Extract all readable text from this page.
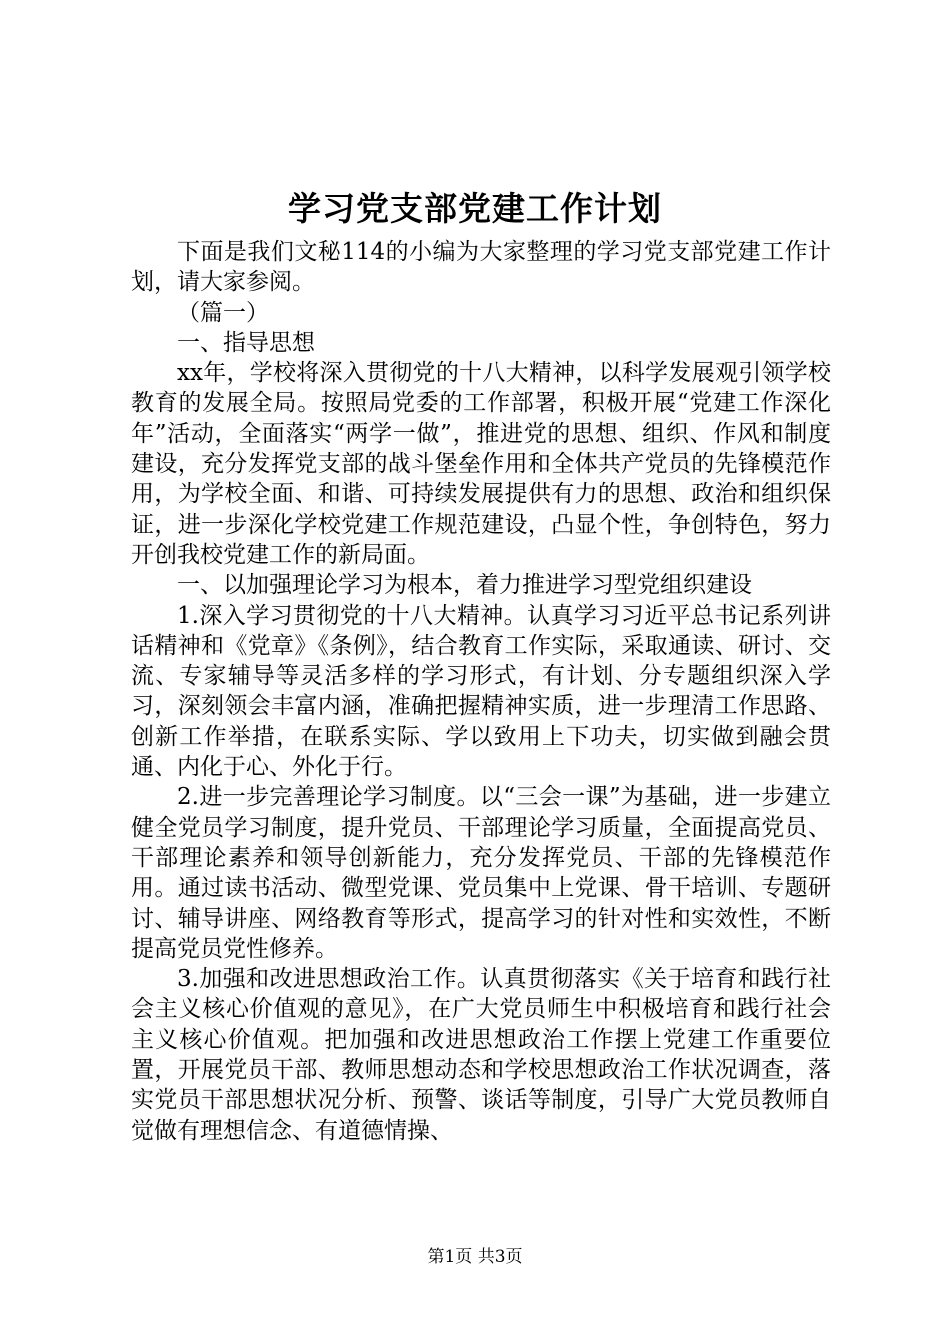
学习党支部党建工作计划

下面是我们文秘114的小编为大家整理的学习党支部党建工作计划，请大家参阅。

（篇一）

一、指导思想

xx年，学校将深入贯彻党的十八大精神，以科学发展观引领学校教育的发展全局。按照局党委的工作部署，积极开展“党建工作深化年”活动，全面落实“两学一做”，推进党的思想、组织、作风和制度建设，充分发挥党支部的战斗堡垒作用和全体共产党员的先锋模范作用，为学校全面、和谐、可持续发展提供有力的思想、政治和组织保证，进一步深化学校党建工作规范建设，凸显个性，争创特色，努力开创我校党建工作的新局面。

一、以加强理论学习为根本，着力推进学习型党组织建设

1.深入学习贯彻党的十八大精神。认真学习习近平总书记系列讲话精神和《党章》《条例》，结合教育工作实际，采取通读、研讨、交流、专家辅导等灵活多样的学习形式，有计划、分专题组织深入学习，深刻领会丰富内涵，准确把握精神实质，进一步理清工作思路、创新工作举措，在联系实际、学以致用上下功夫，切实做到融会贯通、内化于心、外化于行。

2.进一步完善理论学习制度。以“三会一课”为基础，进一步建立健全党员学习制度，提升党员、干部理论学习质量，全面提高党员、干部理论素养和领导创新能力，充分发挥党员、干部的先锋模范作用。通过读书活动、微型党课、党员集中上党课、骨干培训、专题研讨、辅导讲座、网络教育等形式，提高学习的针对性和实效性，不断提高党员党性修养。

3.加强和改进思想政治工作。认真贯彻落实《关于培育和践行社会主义核心价值观的意见》，在广大党员师生中积极培育和践行社会主义核心价值观。把加强和改进思想政治工作摆上党建工作重要位置，开展党员干部、教师思想动态和学校思想政治工作状况调查，落实党员干部思想状况分析、预警、谈话等制度，引导广大党员教师自觉做有理想信念、有道德情操、

第1页 共3页
